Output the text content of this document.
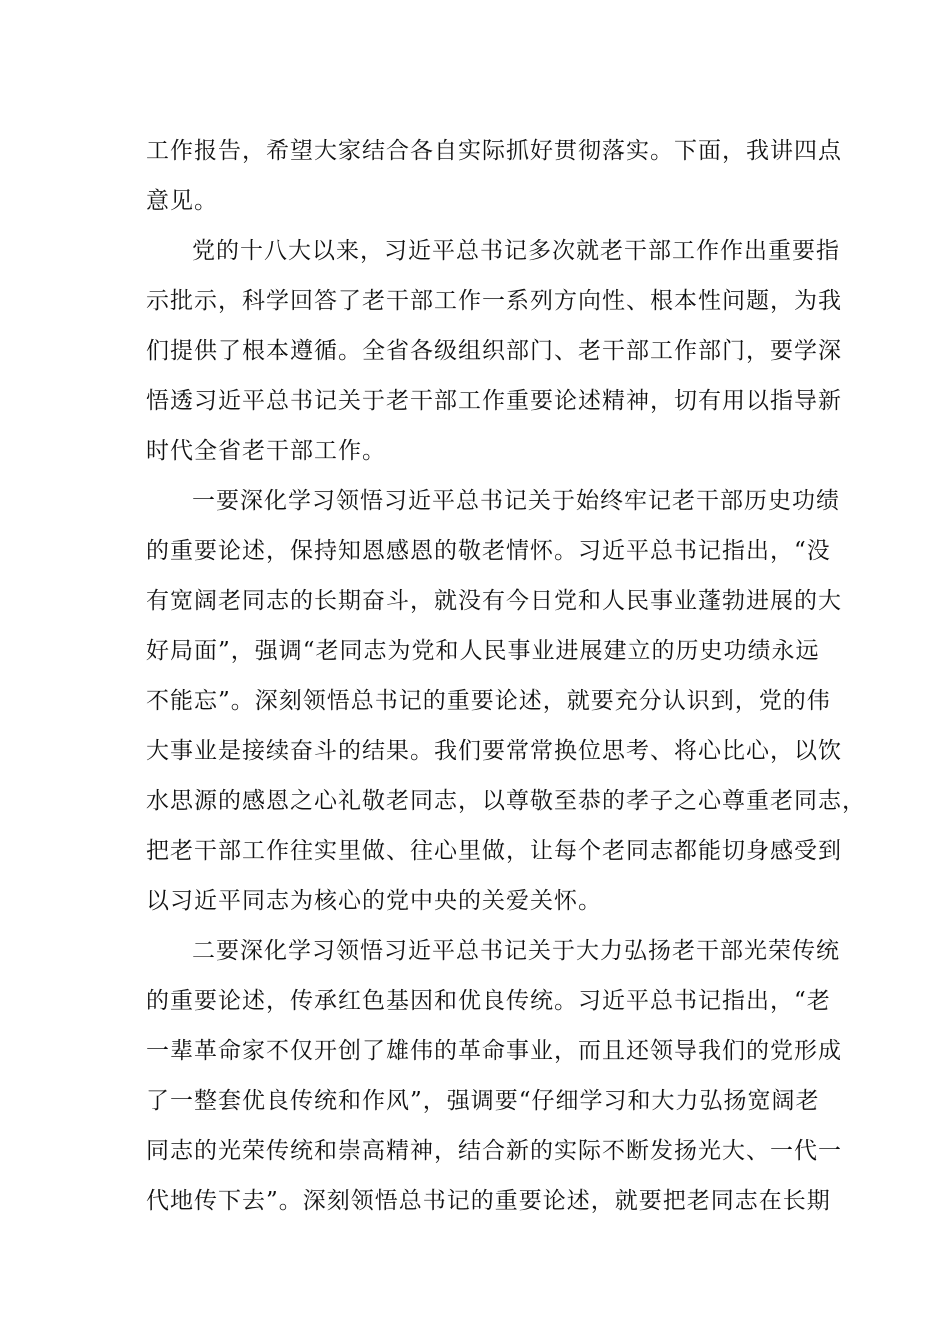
工作报告，希望大家结合各自实际抓好贯彻落实。下面，我讲四点
意见。
党的十八大以来，习近平总书记多次就老干部工作作出重要指
示批示，科学回答了老干部工作一系列方向性、根本性问题，为我
们提供了根本遵循。全省各级组织部门、老干部工作部门，要学深
悟透习近平总书记关于老干部工作重要论述精神，切有用以指导新
时代全省老干部工作。
一要深化学习领悟习近平总书记关于始终牢记老干部历史功绩
的重要论述，保持知恩感恩的敬老情怀。习近平总书记指出，“没
有宽阔老同志的长期奋斗，就没有今日党和人民事业蓬勃进展的大
好局面”，强调“老同志为党和人民事业进展建立的历史功绩永远
不能忘”。深刻领悟总书记的重要论述，就要充分认识到，党的伟
大事业是接续奋斗的结果。我们要常常换位思考、将心比心，以饮
水思源的感恩之心礼敬老同志，以尊敬至恭的孝子之心尊重老同志，
把老干部工作往实里做、往心里做，让每个老同志都能切身感受到
以习近平同志为核心的党中央的关爱关怀。
二要深化学习领悟习近平总书记关于大力弘扬老干部光荣传统
的重要论述，传承红色基因和优良传统。习近平总书记指出，“老
一辈革命家不仅开创了雄伟的革命事业，而且还领导我们的党形成
了一整套优良传统和作风”，强调要“仔细学习和大力弘扬宽阔老
同志的光荣传统和崇高精神，结合新的实际不断发扬光大、一代一
代地传下去”。深刻领悟总书记的重要论述，就要把老同志在长期
